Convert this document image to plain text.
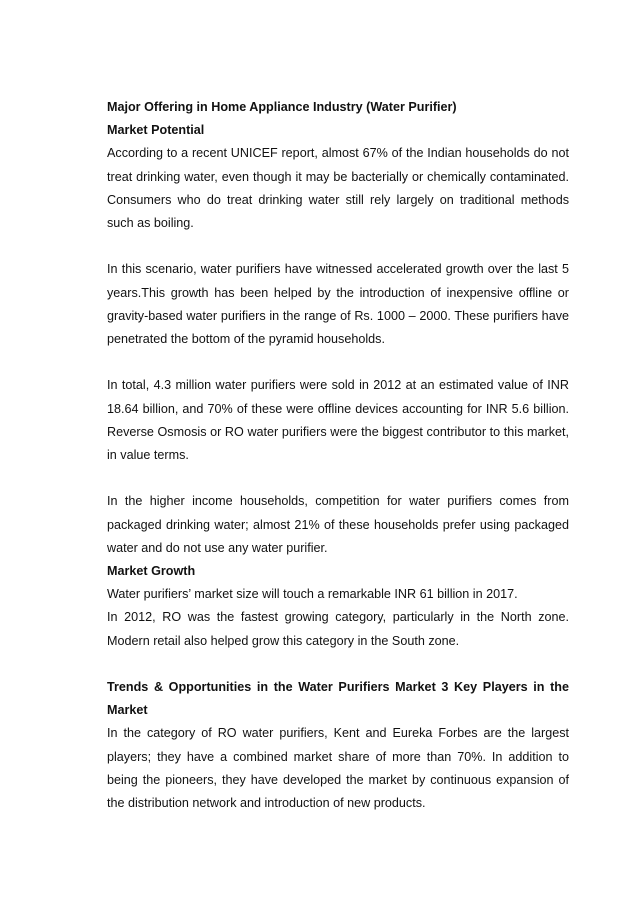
Major Offering in Home Appliance Industry (Water Purifier)

Market Potential

According to a recent UNICEF report, almost 67% of the Indian households do not treat drinking water, even though it may be bacterially or chemically contaminated. Consumers who do treat drinking water still rely largely on traditional methods such as boiling.

In this scenario, water purifiers have witnessed accelerated growth over the last 5 years.This growth has been helped by the introduction of inexpensive offline or gravity-based water purifiers in the range of Rs. 1000 – 2000. These purifiers have penetrated the bottom of the pyramid households.

In total, 4.3 million water purifiers were sold in 2012 at an estimated value of INR 18.64 billion, and 70% of these were offline devices accounting for INR 5.6 billion. Reverse Osmosis or RO water purifiers were the biggest contributor to this market, in value terms.

In the higher income households, competition for water purifiers comes from packaged drinking water; almost 21% of these households prefer using packaged water and do not use any water purifier.

Market Growth

Water purifiers’ market size will touch a remarkable INR 61 billion in 2017.

In 2012, RO was the fastest growing category, particularly in the North zone. Modern retail also helped grow this category in the South zone.

Trends & Opportunities in the Water Purifiers Market 3 Key Players in the Market

In the category of RO water purifiers, Kent and Eureka Forbes are the largest players; they have a combined market share of more than 70%. In addition to being the pioneers, they have developed the market by continuous expansion of the distribution network and introduction of new products.
